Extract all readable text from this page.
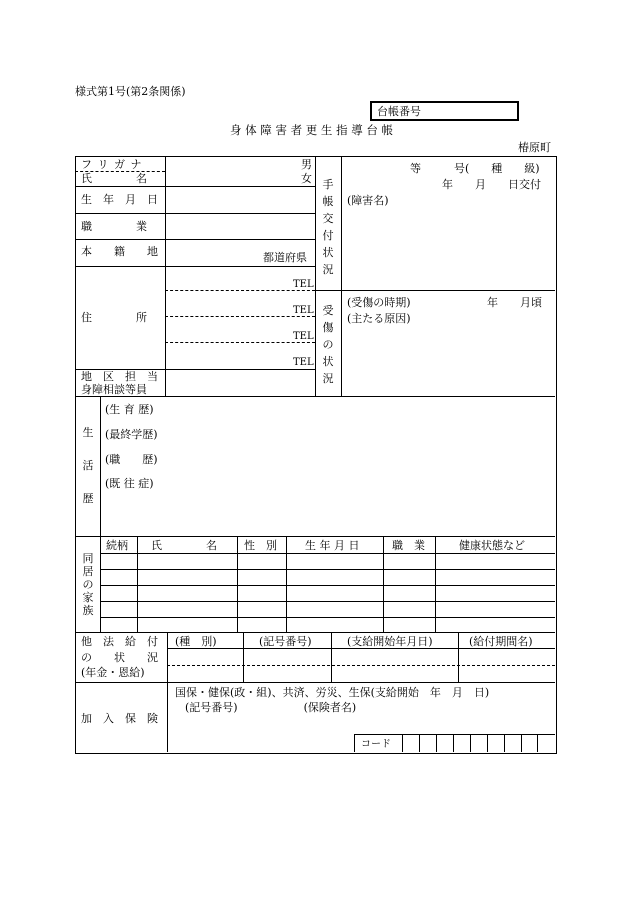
様式第1号(第2条関係)
台帳番号
身 体 障 害 者 更 生 指 導 台 帳
椿原町
フ リ ガ ナ
氏　　　　名
男
女
生　年　月　日
職　　　　業
本　　籍　　地	都道府県
住　　　　所
TEL
TEL
TEL
TEL
地　区　担　当
身障相談等員
手
帳
交
付
状
況
等　　　号(　　種　　級)
年　　月　　日交付
(障害名)
受
傷
の
状
況
(受傷の時期)	年　　月頃
(主たる原因)
生
活
歴
(生 育 歴)
(最終学歴)
(職　　歴)
(既 往 症)
同
居
の
家
族
続柄 氏　　　　名 性　別	生 年 月 日	職　業	健康状態など
他　法　給　付
の　　状　　況
(年金・恩給)
(種　別)	(記号番号)	(支給開始年月日)	(給付期間名)
加　入　保　険
国保・健保(政・組)、共済、労災、生保(支給開始　年　月　日)
(記号番号)　　　　　　(保険者名)
コード
